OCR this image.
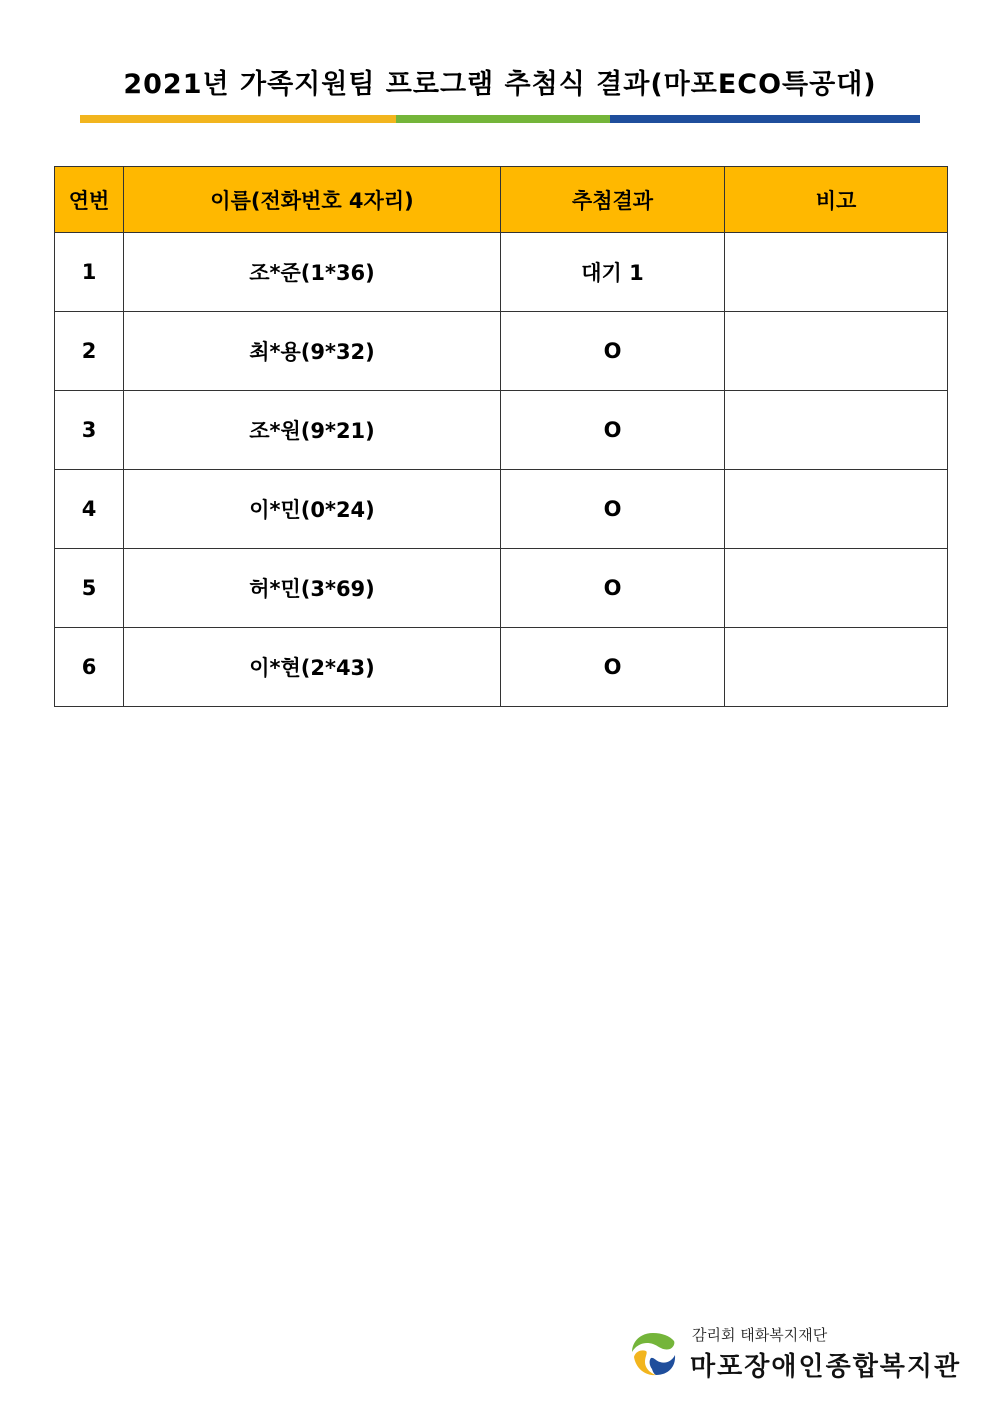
2021년 가족지원팀 프로그램 추첨식 결과(마포ECO특공대)
연번	이름(전화번호 4자리)	추첨결과	비고
1	조*준(1*36)	대기 1	
2	최*용(9*32)	O	
3	조*원(9*21)	O	
4	이*민(0*24)	O	
5	허*민(3*69)	O	
6	이*현(2*43)	O	
감리회 태화복지재단
마포장애인종합복지관
